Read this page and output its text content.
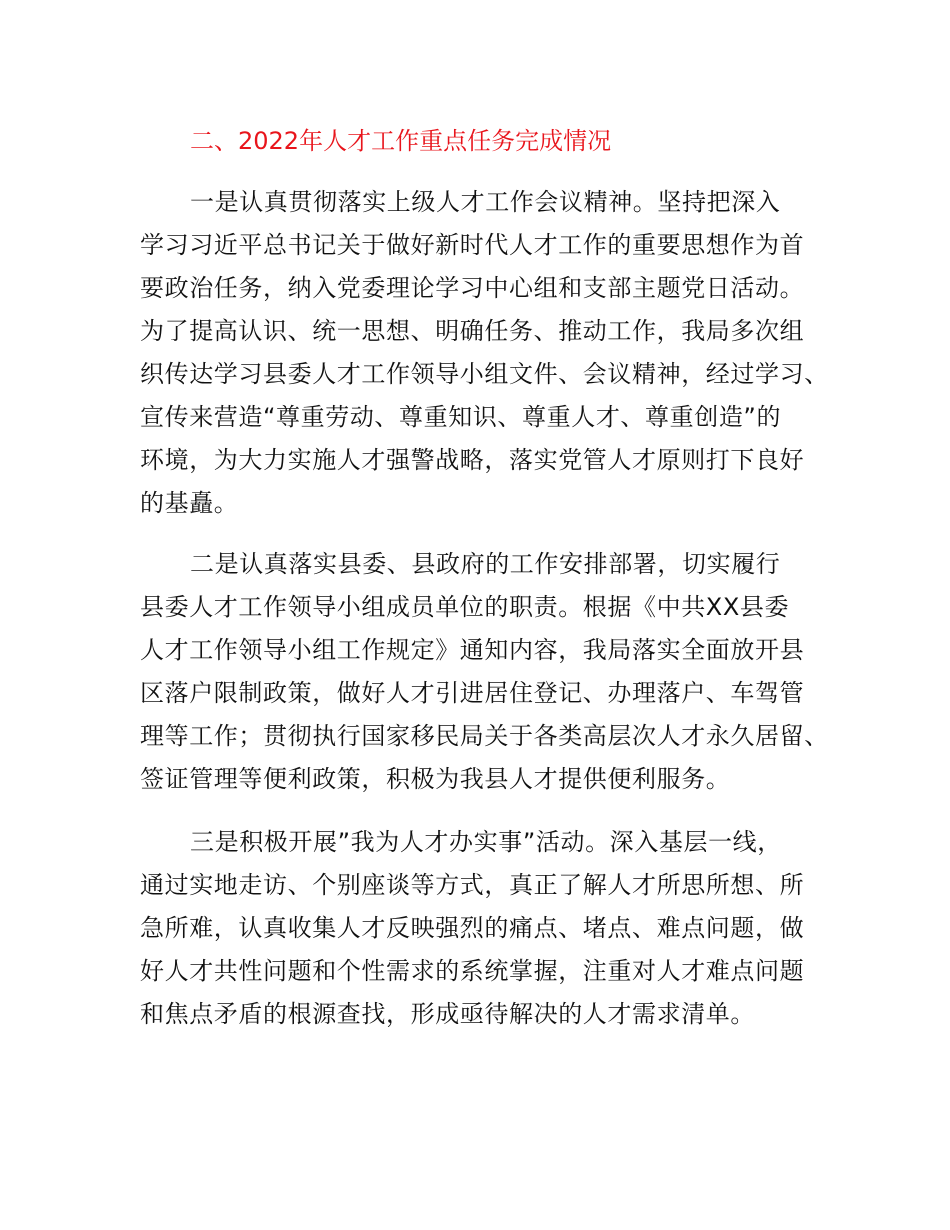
二、2022年人才工作重点任务完成情况
一是认真贯彻落实上级人才工作会议精神。坚持把深入
学习习近平总书记关于做好新时代人才工作的重要思想作为首
要政治任务，纳入党委理论学习中心组和支部主题党日活动。
为了提高认识、统一思想、明确任务、推动工作，我局多次组
织传达学习县委人才工作领导小组文件、会议精神，经过学习、
宣传来营造“尊重劳动、尊重知识、尊重人才、尊重创造”的
环境，为大力实施人才强警战略，落实党管人才原则打下良好
的基矗。
二是认真落实县委、县政府的工作安排部署，切实履行
县委人才工作领导小组成员单位的职责。根据《中共XX县委
人才工作领导小组工作规定》通知内容，我局落实全面放开县
区落户限制政策，做好人才引进居住登记、办理落户、车驾管
理等工作；贯彻执行国家移民局关于各类高层次人才永久居留、
签证管理等便利政策，积极为我县人才提供便利服务。
三是积极开展”我为人才办实事”活动。深入基层一线，
通过实地走访、个别座谈等方式，真正了解人才所思所想、所
急所难，认真收集人才反映强烈的痛点、堵点、难点问题，做
好人才共性问题和个性需求的系统掌握，注重对人才难点问题
和焦点矛盾的根源查找，形成亟待解决的人才需求清单。
